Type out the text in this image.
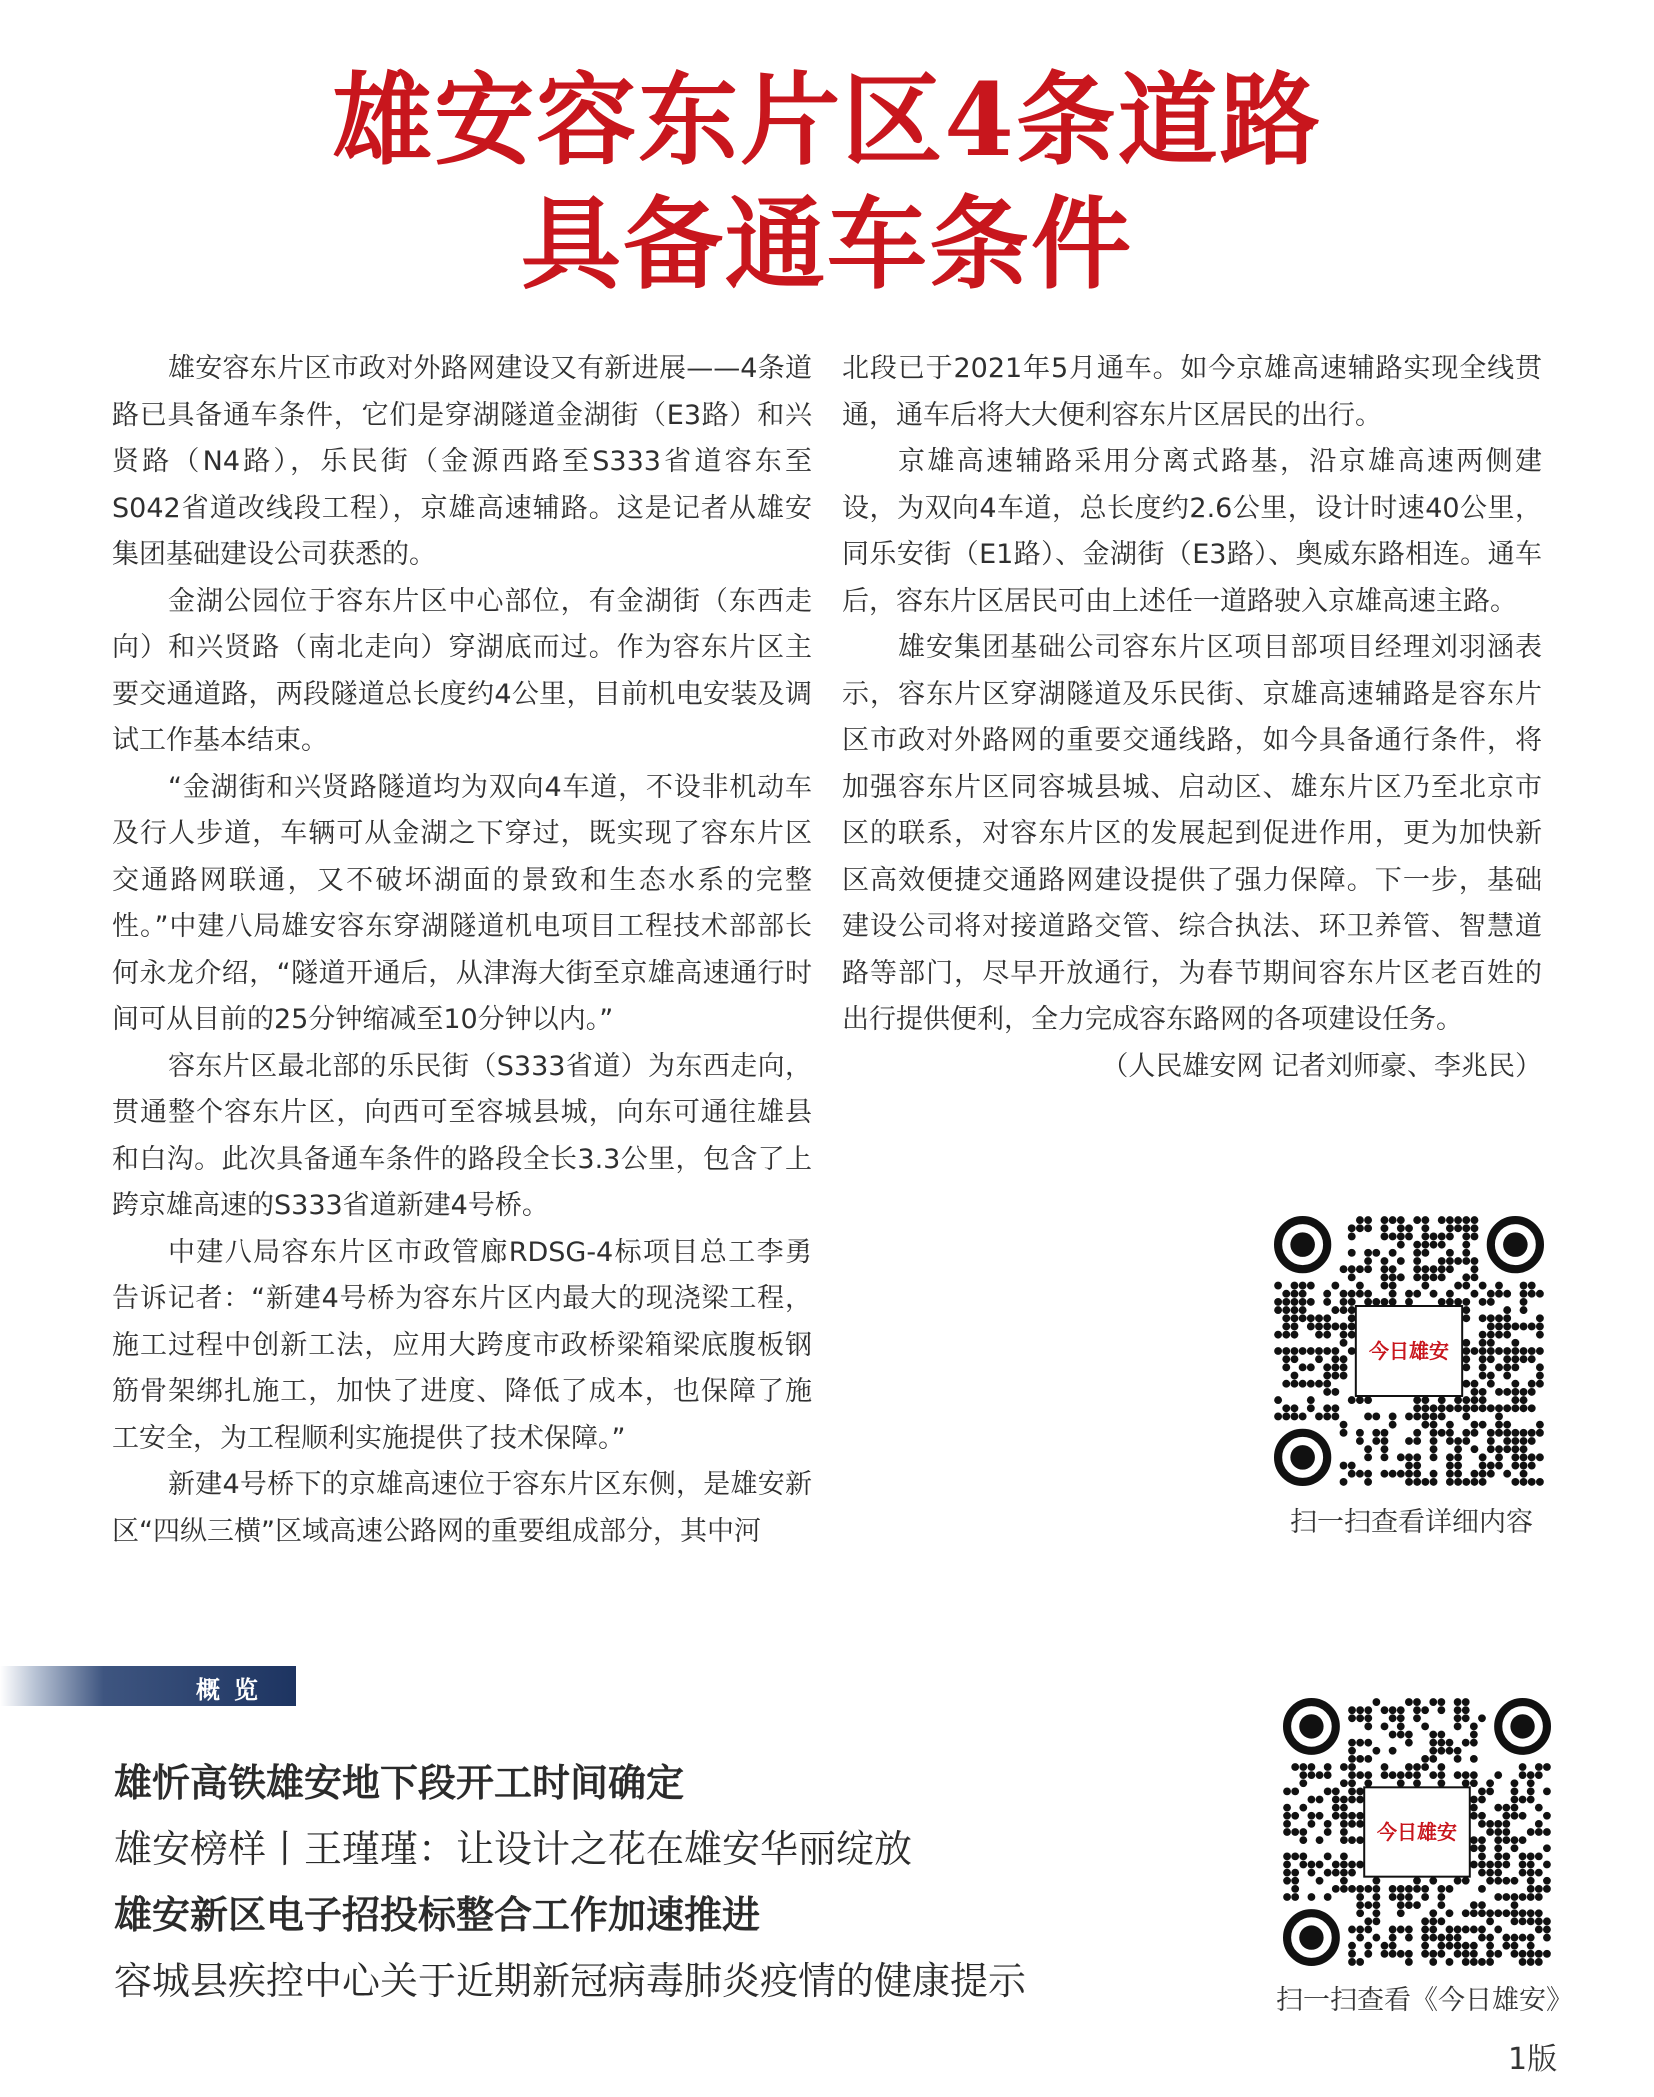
雄安容东片区4条道路
具备通车条件

雄安容东片区市政对外路网建设又有新进展——4条道路已具备通车条件，它们是穿湖隧道金湖街（E3路）和兴贤路（N4路），乐民街（金源西路至S333省道容东至S042省道改线段工程），京雄高速辅路。这是记者从雄安集团基础建设公司获悉的。

金湖公园位于容东片区中心部位，有金湖街（东西走向）和兴贤路（南北走向）穿湖底而过。作为容东片区主要交通道路，两段隧道总长度约4公里，目前机电安装及调试工作基本结束。

“金湖街和兴贤路隧道均为双向4车道，不设非机动车及行人步道，车辆可从金湖之下穿过，既实现了容东片区交通路网联通，又不破坏湖面的景致和生态水系的完整性。”中建八局雄安容东穿湖隧道机电项目工程技术部部长何永龙介绍，“隧道开通后，从津海大街至京雄高速通行时间可从目前的25分钟缩减至10分钟以内。”

容东片区最北部的乐民街（S333省道）为东西走向，贯通整个容东片区，向西可至容城县城，向东可通往雄县和白沟。此次具备通车条件的路段全长3.3公里，包含了上跨京雄高速的S333省道新建4号桥。

中建八局容东片区市政管廊RDSG-4标项目总工李勇告诉记者：“新建4号桥为容东片区内最大的现浇梁工程，施工过程中创新工法，应用大跨度市政桥梁箱梁底腹板钢筋骨架绑扎施工，加快了进度、降低了成本，也保障了施工安全，为工程顺利实施提供了技术保障。”

新建4号桥下的京雄高速位于容东片区东侧，是雄安新区“四纵三横”区域高速公路网的重要组成部分，其中河

北段已于2021年5月通车。如今京雄高速辅路实现全线贯通，通车后将大大便利容东片区居民的出行。

京雄高速辅路采用分离式路基，沿京雄高速两侧建设，为双向4车道，总长度约2.6公里，设计时速40公里，同乐安街（E1路）、金湖街（E3路）、奥威东路相连。通车后，容东片区居民可由上述任一道路驶入京雄高速主路。

雄安集团基础公司容东片区项目部项目经理刘羽涵表示，容东片区穿湖隧道及乐民街、京雄高速辅路是容东片区市政对外路网的重要交通线路，如今具备通行条件，将加强容东片区同容城县城、启动区、雄东片区乃至北京市区的联系，对容东片区的发展起到促进作用，更为加快新区高效便捷交通路网建设提供了强力保障。下一步，基础建设公司将对接道路交管、综合执法、环卫养管、智慧道路等部门，尽早开放通行，为春节期间容东片区老百姓的出行提供便利，全力完成容东路网的各项建设任务。
（人民雄安网 记者刘师豪、李兆民）

今日雄安
扫一扫查看详细内容
概览
雄忻高铁雄安地下段开工时间确定
雄安榜样丨王瑾瑾：让设计之花在雄安华丽绽放
雄安新区电子招投标整合工作加速推进
容城县疾控中心关于近期新冠病毒肺炎疫情的健康提示
今日雄安
扫一扫查看《今日雄安》
1版
